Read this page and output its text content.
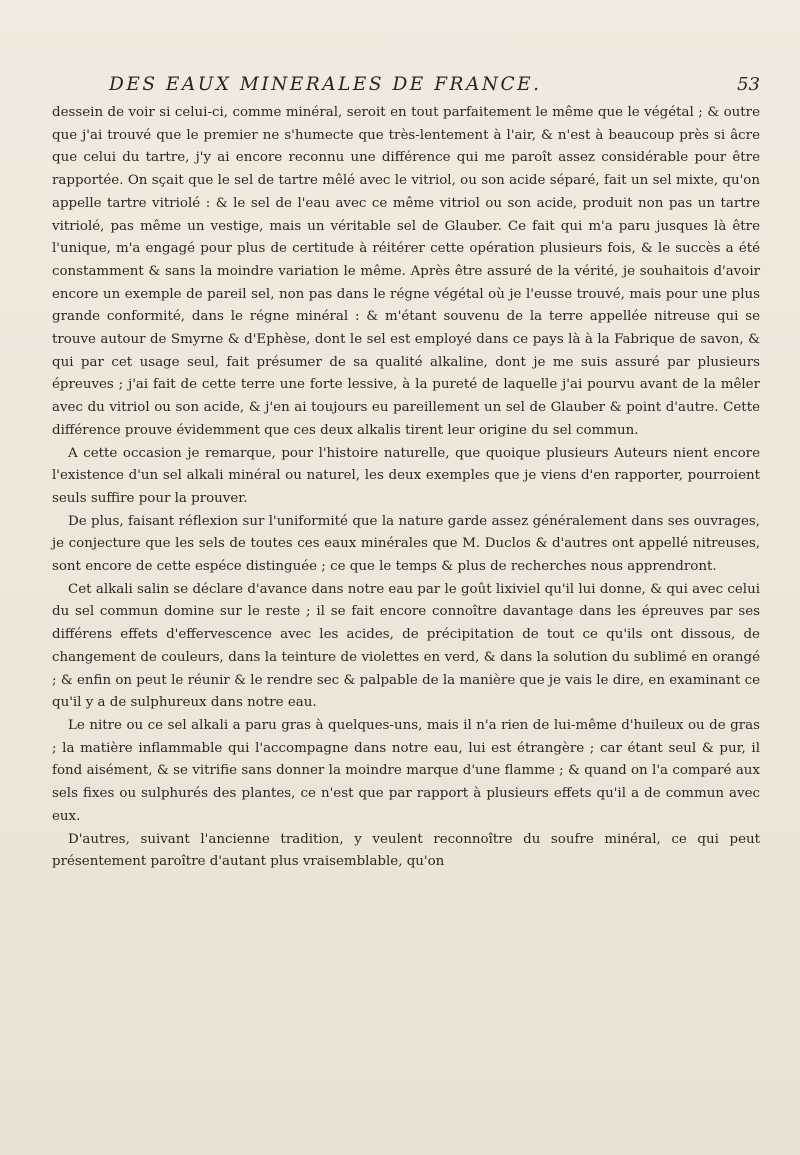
DES EAUX MINERALES DE FRANCE.	53

dessein de voir si celui-ci, comme minéral, seroit en tout parfaitement le même que le végétal ; & outre que j'ai trouvé que le premier ne s'humecte que très-lentement à l'air, & n'est à beaucoup près si âcre que celui du tartre, j'y ai encore reconnu une différence qui me paroît assez considérable pour être rapportée. On sçait que le sel de tartre mêlé avec le vitriol, ou son acide séparé, fait un sel mixte, qu'on appelle tartre vitriolé : & le sel de l'eau avec ce même vitriol ou son acide, produit non pas un tartre vitriolé, pas même un vestige, mais un véritable sel de Glauber. Ce fait qui m'a paru jusques là être l'unique, m'a engagé pour plus de certitude à réitérer cette opération plusieurs fois, & le succès a été constamment & sans la moindre variation le même. Après être assuré de la vérité, je souhaitois d'avoir encore un exemple de pareil sel, non pas dans le régne végétal où je l'eusse trouvé, mais pour une plus grande conformité, dans le régne minéral : & m'étant souvenu de la terre appellée nitreuse qui se trouve autour de Smyrne & d'Ephèse, dont le sel est employé dans ce pays là à la Fabrique de savon, & qui par cet usage seul, fait présumer de sa qualité alkaline, dont je me suis assuré par plusieurs épreuves ; j'ai fait de cette terre une forte lessive, à la pureté de laquelle j'ai pourvu avant de la mêler avec du vitriol ou son acide, & j'en ai toujours eu pareillement un sel de Glauber & point d'autre. Cette différence prouve évidemment que ces deux alkalis tirent leur origine du sel commun.

A cette occasion je remarque, pour l'histoire naturelle, que quoique plusieurs Auteurs nient encore l'existence d'un sel alkali minéral ou naturel, les deux exemples que je viens d'en rapporter, pourroient seuls suffire pour la prouver.

De plus, faisant réflexion sur l'uniformité que la nature garde assez généralement dans ses ouvrages, je conjecture que les sels de toutes ces eaux minérales que M. Duclos & d'autres ont appellé nitreuses, sont encore de cette espéce distinguée ; ce que le temps & plus de recherches nous apprendront.

Cet alkali salin se déclare d'avance dans notre eau par le goût lixiviel qu'il lui donne, & qui avec celui du sel commun domine sur le reste ; il se fait encore connoître davantage dans les épreuves par ses différens effets d'effervescence avec les acides, de précipitation de tout ce qu'ils ont dissous, de changement de couleurs, dans la teinture de violettes en verd, & dans la solution du sublimé en orangé ; & enfin on peut le réunir & le rendre sec & palpable de la manière que je vais le dire, en examinant ce qu'il y a de sulphureux dans notre eau.

Le nitre ou ce sel alkali a paru gras à quelques-uns, mais il n'a rien de lui-même d'huileux ou de gras ; la matière inflammable qui l'accompagne dans notre eau, lui est étrangère ; car étant seul & pur, il fond aisément, & se vitrifie sans donner la moindre marque d'une flamme ; & quand on l'a comparé aux sels fixes ou sulphurés des plantes, ce n'est que par rapport à plusieurs effets qu'il a de commun avec eux.

D'autres, suivant l'ancienne tradition, y veulent reconnoître du soufre minéral, ce qui peut présentement paroître d'autant plus vraisemblable, qu'on
